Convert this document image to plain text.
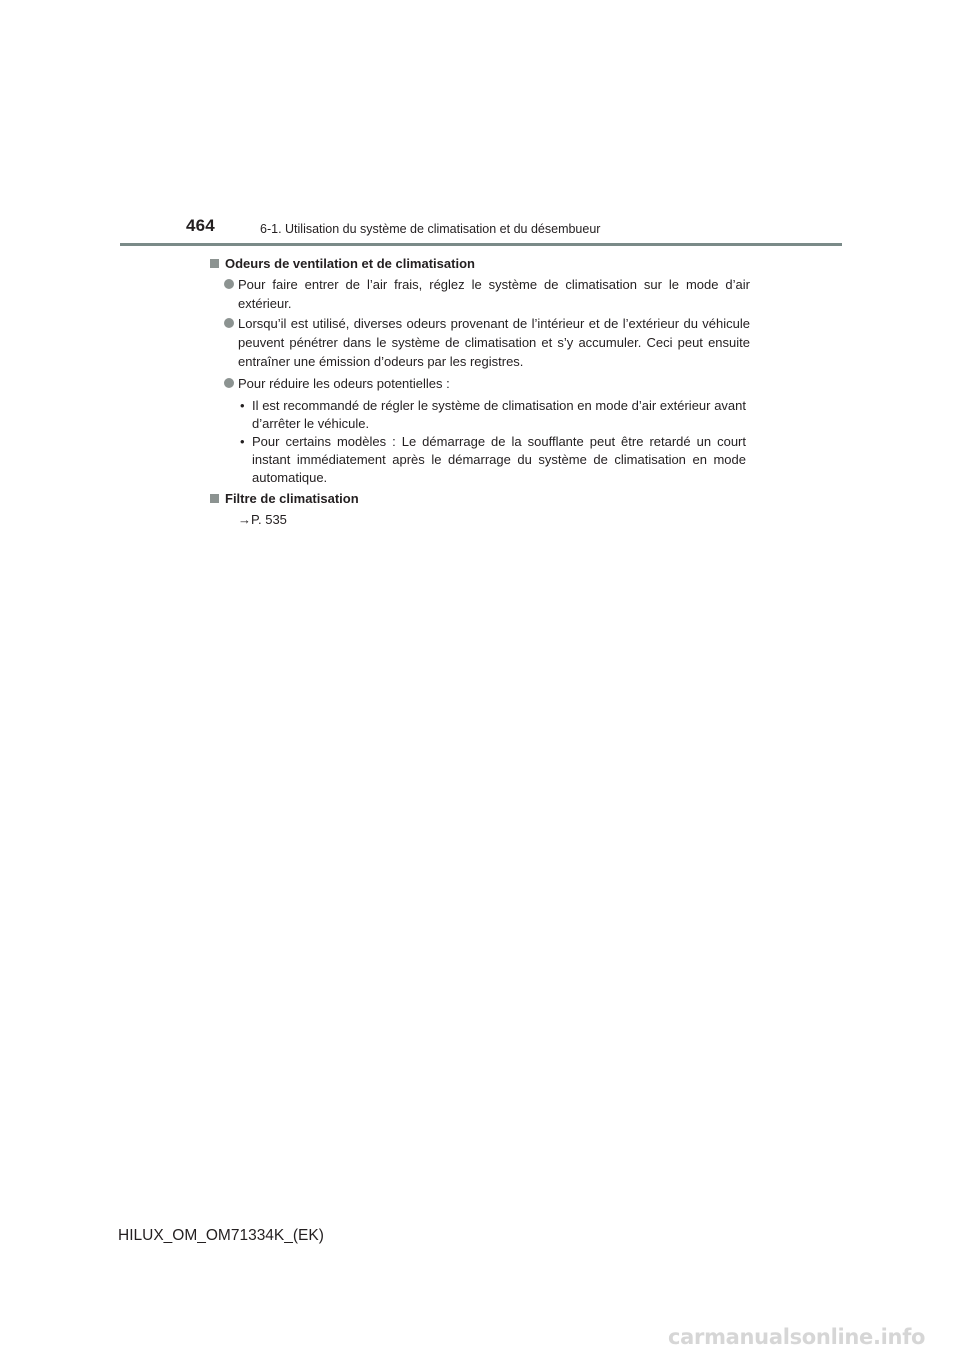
464	6-1. Utilisation du système de climatisation et du désembueur
Odeurs de ventilation et de climatisation
Pour faire entrer de l’air frais, réglez le système de climatisation sur le mode d’air extérieur.
Lorsqu’il est utilisé, diverses odeurs provenant de l’intérieur et de l’extérieur du véhicule peuvent pénétrer dans le système de climatisation et s’y accumuler. Ceci peut ensuite entraîner une émission d’odeurs par les registres.
Pour réduire les odeurs potentielles :
• Il est recommandé de régler le système de climatisation en mode d’air extérieur avant d’arrêter le véhicule.
• Pour certains modèles : Le démarrage de la soufflante peut être retardé un court instant immédiatement après le démarrage du système de climatisation en mode automatique.
Filtre de climatisation
→P. 535
HILUX_OM_OM71334K_(EK)
carmanualsonline.info
